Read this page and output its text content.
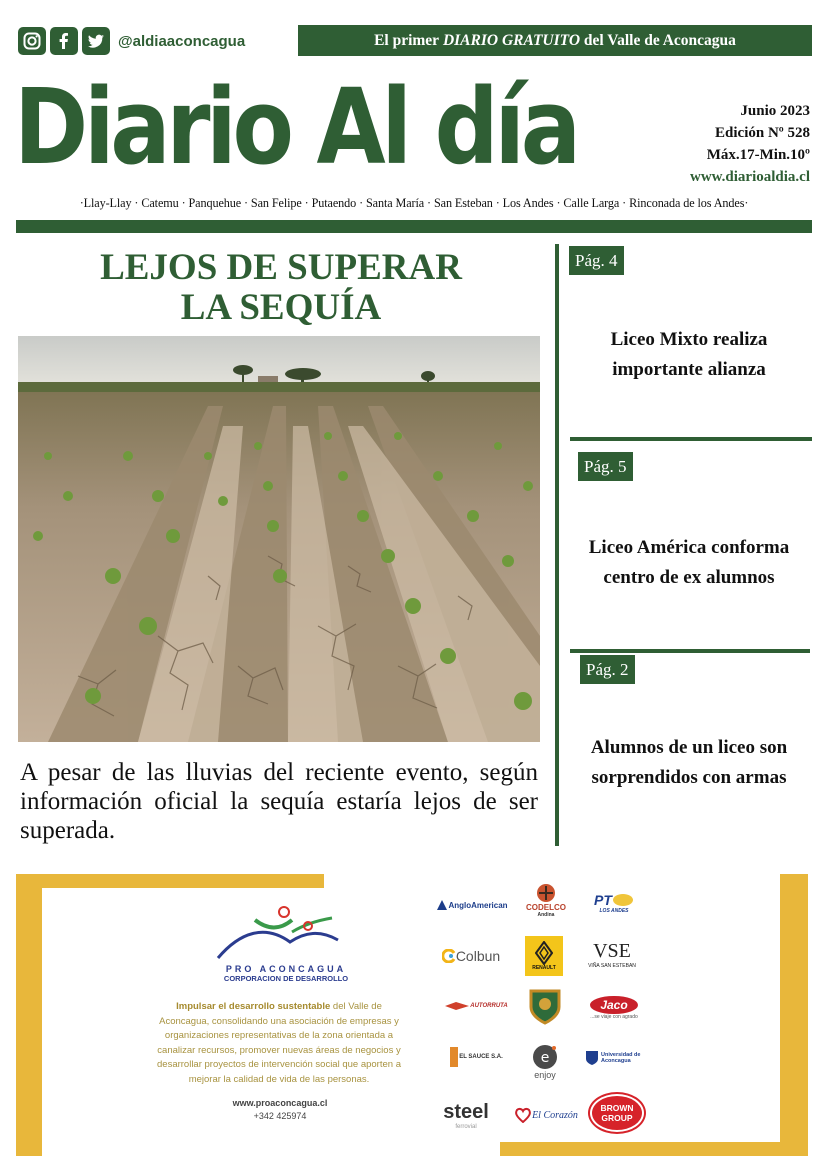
@aldiaaconcagua	El primer
DIARIO GRATUITO
del Valle de Aconcagua
Diario Al día	Junio 2023
Edición Nº 528
Máx.17-Min.10º
www.diarioaldia.cl
·Llay-Llay · Catemu · Panquehue · San Felipe · Putaendo · Santa María · San Esteban · Los Andes · Calle Larga · Rinconada de los Andes·
LEJOS DE SUPERAR
LA SEQUÍA
A pesar de las lluvias del reciente evento, según información oficial la sequía estaría lejos de ser superada.
Pág. 4
Liceo Mixto realiza
importante alianza
Pág. 5
Liceo América conforma
centro de ex alumnos
Pág. 2
Alumnos de un liceo son
sorprendidos con armas
PRO ACONCAGUA
CORPORACION DE DESARROLLO
Impulsar el desarrollo sustentable del Valle de Aconcagua, consolidando una asociación de empresas y organizaciones representativas de la zona orientada a canalizar recursos, promover nuevas áreas de negocios y desarrollar proyectos de intervención social que aporten a mejorar la calidad de vida de las personas.
www.proaconcagua.cl
+342 425974
AngloAmerican CODELCO
Andina
PT
LOS ANDES
Colbun
RENAULT
VSE
VIÑA SAN ESTEBAN
AUTORRUTA	Jaco
...se viaje con agrado
EL SAUCE S.A.	e
enjoy
Universidad de Aconcagua
steel
ferrovial
El Corazón
BROWN GROUP
